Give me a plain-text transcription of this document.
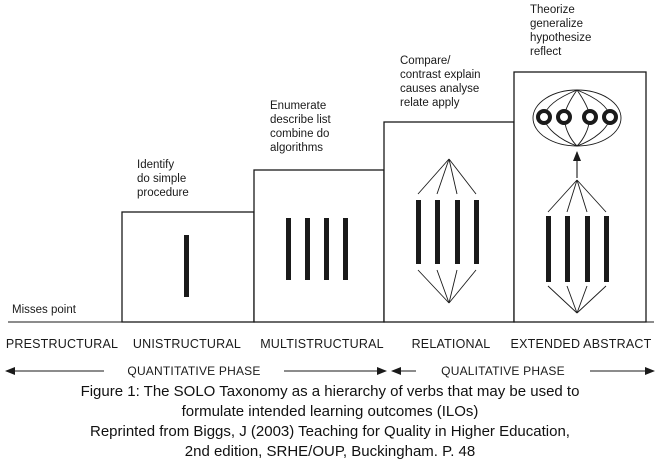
Misses point
Identify
do simple
procedure
Enumerate
describe list
combine do
algorithms
Compare/
contrast explain
causes analyse
relate apply
Theorize
generalize
hypothesize
reflect
PRESTRUCTURAL UNISTRUCTURAL MULTISTRUCTURAL RELATIONAL EXTENDED ABSTRACT
QUANTITATIVE PHASE	QUALITATIVE PHASE
Figure 1: The SOLO Taxonomy as a hierarchy of verbs that may be used to
formulate intended learning outcomes (ILOs)
Reprinted from Biggs, J (2003) Teaching for Quality in Higher Education,
2nd edition, SRHE/OUP, Buckingham. P. 48
